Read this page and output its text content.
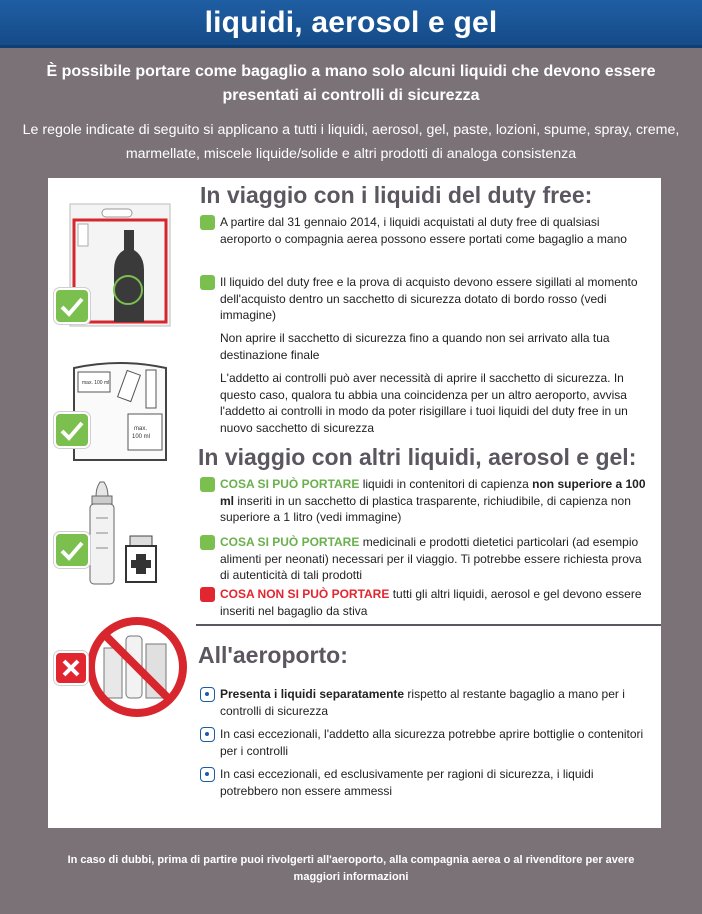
liquidi, aerosol e gel

È possibile portare come bagaglio a mano solo alcuni liquidi che devono essere presentati ai controlli di sicurezza

Le regole indicate di seguito si applicano a tutti i liquidi, aerosol, gel, paste, lozioni, spume, spray, creme, marmellate, miscele liquide/solide e altri prodotti di analoga consistenza

max. 100 ml
max.
100 ml
In viaggio con i liquidi del duty free:
A partire dal 31 gennaio 2014, i liquidi acquistati al duty free di qualsiasi aeroporto o compagnia aerea possono essere portati come bagaglio a mano
Il liquido del duty free e la prova di acquisto devono essere sigillati al momento dell'acquisto dentro un sacchetto di sicurezza dotato di bordo rosso (vedi immagine)
Non aprire il sacchetto di sicurezza fino a quando non sei arrivato alla tua destinazione finale
L'addetto ai controlli può aver necessità di aprire il sacchetto di sicurezza. In questo caso, qualora tu abbia una coincidenza per un altro aeroporto, avvisa l'addetto ai controlli in modo da poter risigillare i tuoi liquidi del duty free in un nuovo sacchetto di sicurezza
In viaggio con altri liquidi, aerosol e gel:
COSA SI PUÒ PORTARE liquidi in contenitori di capienza non superiore a 100 ml inseriti in un sacchetto di plastica trasparente, richiudibile, di capienza non superiore a 1 litro (vedi immagine)
COSA SI PUÒ PORTARE medicinali e prodotti dietetici particolari (ad esempio alimenti per neonati) necessari per il viaggio. Ti potrebbe essere richiesta prova di autenticità di tali prodotti
COSA NON SI PUÒ PORTARE tutti gli altri liquidi, aerosol e gel devono essere inseriti nel bagaglio da stiva
All'aeroporto:
Presenta i liquidi separatamente rispetto al restante bagaglio a mano per i controlli di sicurezza
In casi eccezionali, l'addetto alla sicurezza potrebbe aprire bottiglie o contenitori per i controlli
In casi eccezionali, ed esclusivamente per ragioni di sicurezza, i liquidi potrebbero non essere ammessi

In caso di dubbi, prima di partire puoi rivolgerti all'aeroporto, alla compagnia aerea o al rivenditore per avere maggiori informazioni
